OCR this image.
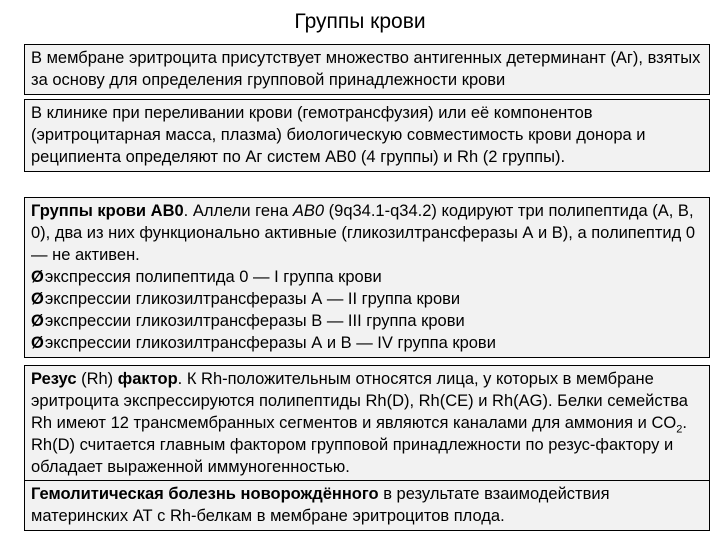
Группы крови

В мембране эритроцита присутствует множество антигенных детерминант (Аг), взятых за основу для определения групповой принадлежности крови

В клинике при переливании крови (гемотрансфузия) или её компонентов (эритроцитарная масса, плазма) биологическую совместимость крови донора и реципиента определяют по Аг систем АВ0 (4 группы) и Rh (2 группы).

Группы крови АВ0. Аллели гена АВ0 (9q34.1-q34.2) кодируют три полипептида (А, В, 0), два из них функционально активные (гликозилтрансферазы А и В), а полипептид 0 — не активен.

Øэкспрессия полипептида 0 — I группа крови

Øэкспрессии гликозилтрансферазы А — II группа крови

Øэкспрессии гликозилтрансферазы В — III группа крови

Øэкспрессии гликозилтрансферазы А и В — IV группа крови

Резус (Rh) фактор. К Rh-положительным относятся лица, у которых в мембране эритроцита экспрессируются полипептиды Rh(D), Rh(CE) и Rh(AG). Белки семейства Rh имеют 12 трансмембранных сегментов и являются каналами для аммония и $CO_2$. Rh(D) считается главным фактором групповой принадлежности по резус-фактору и обладает выраженной иммуногенностью.

Гемолитическая болезнь новорождённого в результате взаимодействия материнских АТ с Rh-белкам в мембране эритроцитов плода.
